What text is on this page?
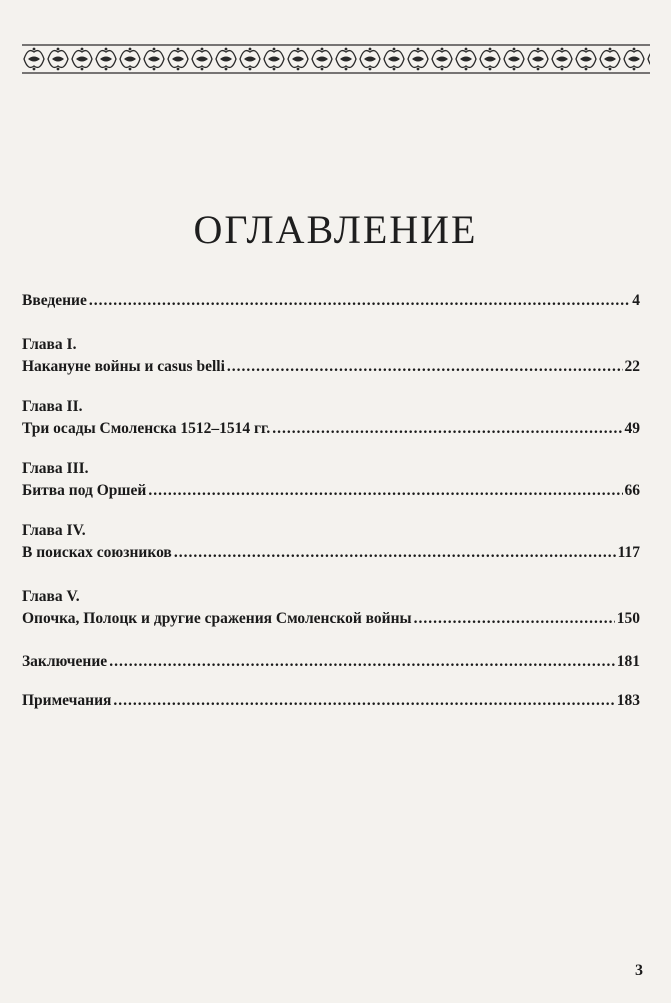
ОГЛАВЛЕНИЕ
Введение .....	4
Глава I.
Накануне войны и casus belli .....	22
Глава II.
Три осады Смоленска 1512–1514 гг. .....	49
Глава III.
Битва под Оршей .....	66
Глава IV.
В поисках союзников .....	117
Глава V.
Опочка, Полоцк и другие сражения Смоленской войны .....	150
Заключение .....	181
Примечания .....	183
3
